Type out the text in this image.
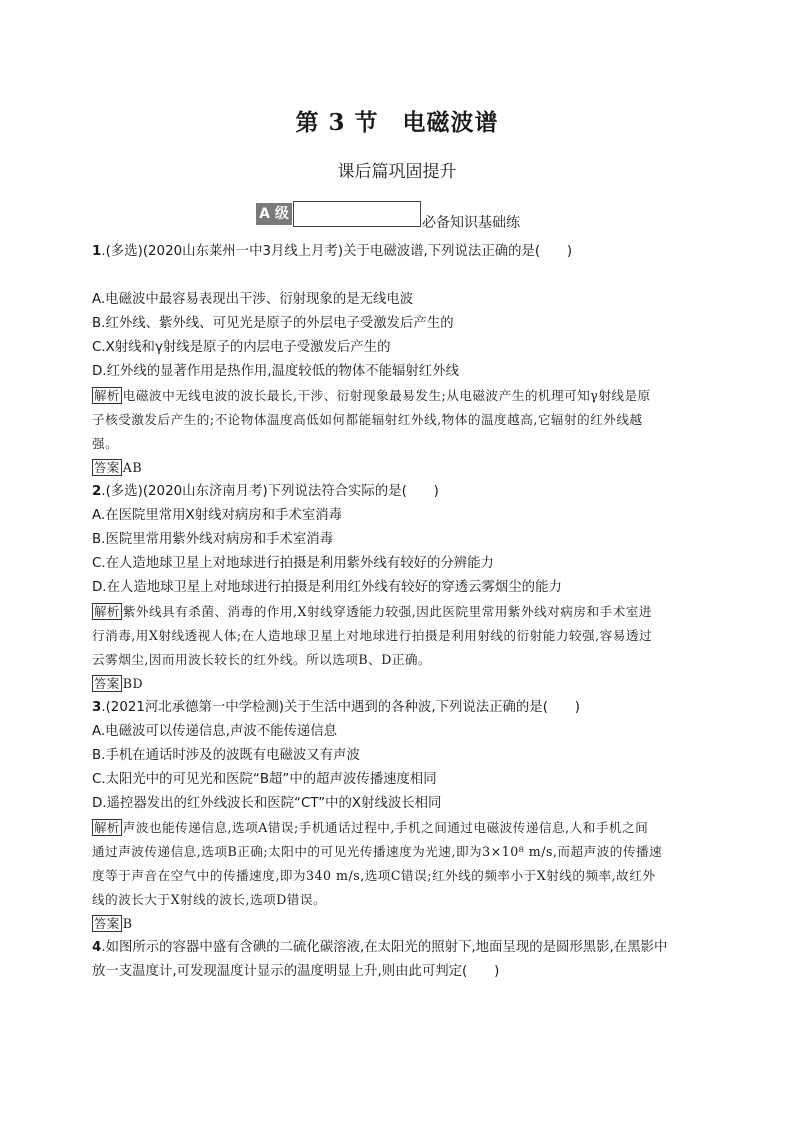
第 3 节　电磁波谱
课后篇巩固提升
A 级
必备知识基础练
1.(多选)(2020山东莱州一中3月线上月考)关于电磁波谱,下列说法正确的是(　　)
A.电磁波中最容易表现出干涉、衍射现象的是无线电波
B.红外线、紫外线、可见光是原子的外层电子受激发后产生的
C.X射线和γ射线是原子的内层电子受激发后产生的
D.红外线的显著作用是热作用,温度较低的物体不能辐射红外线
解析 电磁波中无线电波的波长最长,干涉、衍射现象最易发生;从电磁波产生的机理可知γ射线是原
子核受激发后产生的;不论物体温度高低如何都能辐射红外线,物体的温度越高,它辐射的红外线越
强。
答案 AB
2.(多选)(2020山东济南月考)下列说法符合实际的是(　　)
A.在医院里常用X射线对病房和手术室消毒
B.医院里常用紫外线对病房和手术室消毒
C.在人造地球卫星上对地球进行拍摄是利用紫外线有较好的分辨能力
D.在人造地球卫星上对地球进行拍摄是利用红外线有较好的穿透云雾烟尘的能力
解析 紫外线具有杀菌、消毒的作用,X射线穿透能力较强,因此医院里常用紫外线对病房和手术室进
行消毒,用X射线透视人体;在人造地球卫星上对地球进行拍摄是利用射线的衍射能力较强,容易透过
云雾烟尘,因而用波长较长的红外线。所以选项B、D正确。
答案 BD
3.(2021河北承德第一中学检测)关于生活中遇到的各种波,下列说法正确的是(　　)
A.电磁波可以传递信息,声波不能传递信息
B.手机在通话时涉及的波既有电磁波又有声波
C.太阳光中的可见光和医院“B超”中的超声波传播速度相同
D.遥控器发出的红外线波长和医院“CT”中的X射线波长相同
解析 声波也能传递信息,选项A错误;手机通话过程中,手机之间通过电磁波传递信息,人和手机之间
通过声波传递信息,选项B正确;太阳中的可见光传播速度为光速,即为3×10⁸ m/s,而超声波的传播速
度等于声音在空气中的传播速度,即为340 m/s,选项C错误;红外线的频率小于X射线的频率,故红外
线的波长大于X射线的波长,选项D错误。
答案 B
4.如图所示的容器中盛有含碘的二硫化碳溶液,在太阳光的照射下,地面呈现的是圆形黑影,在黑影中
放一支温度计,可发现温度计显示的温度明显上升,则由此可判定(　　)
